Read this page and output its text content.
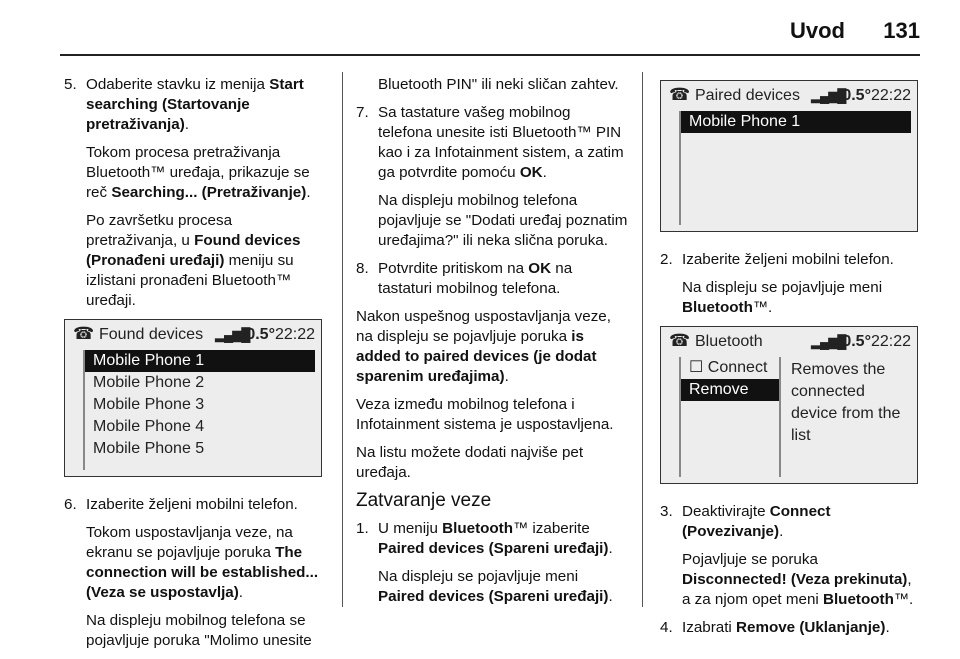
Uvod 131

5. Odaberite stavku iz menija Start searching (Startovanje pretraživanja).

Tokom procesa pretraživanja Bluetooth™ uređaja, prikazuje se reč Searching... (Pretraživanje).

Po završetku procesa pretraživanja, u Found devices (Pronađeni uređaji) meniju su izlistani pronađeni Bluetooth™ uređaji.

☎ Found devices ▂▄▆█
-0.5° 22:22
Mobile Phone 1
Mobile Phone 2
Mobile Phone 3
Mobile Phone 4
Mobile Phone 5

6. Izaberite željeni mobilni telefon.

Tokom uspostavljanja veze, na ekranu se pojavljuje poruka The connection will be established... (Veza se uspostavlja).

Na displeju mobilnog telefona se pojavljuje poruka "Molimo unesite

Bluetooth PIN" ili neki sličan zahtev.

7. Sa tastature vašeg mobilnog telefona unesite isti Bluetooth™ PIN kao i za Infotainment sistem, a zatim ga potvrdite pomoću OK.

Na displeju mobilnog telefona pojavljuje se "Dodati uređaj poznatim uređajima?" ili neka slična poruka.

8. Potvrdite pritiskom na OK na tastaturi mobilnog telefona.

Nakon uspešnog uspostavljanja veze, na displeju se pojavljuje poruka is added to paired devices (je dodat sparenim uređajima).

Veza između mobilnog telefona i Infotainment sistema je uspostavljena.

Na listu možete dodati najviše pet uređaja.

Zatvaranje veze

1. U meniju Bluetooth™ izaberite Paired devices (Spareni uređaji).

Na displeju se pojavljuje meni Paired devices (Spareni uređaji).

☎ Paired devices ▂▄▆█
-0.5° 22:22
Mobile Phone 1

2. Izaberite željeni mobilni telefon.

Na displeju se pojavljuje meni Bluetooth™.

☎ Bluetooth	▂▄▆█
-0.5° 22:22
☐ Connect
Remove
Removes the connected device from the list

3. Deaktivirajte Connect (Povezivanje).

Pojavljuje se poruka Disconnected! (Veza prekinuta), a za njom opet meni Bluetooth™.

4. Izabrati Remove (Uklanjanje).
